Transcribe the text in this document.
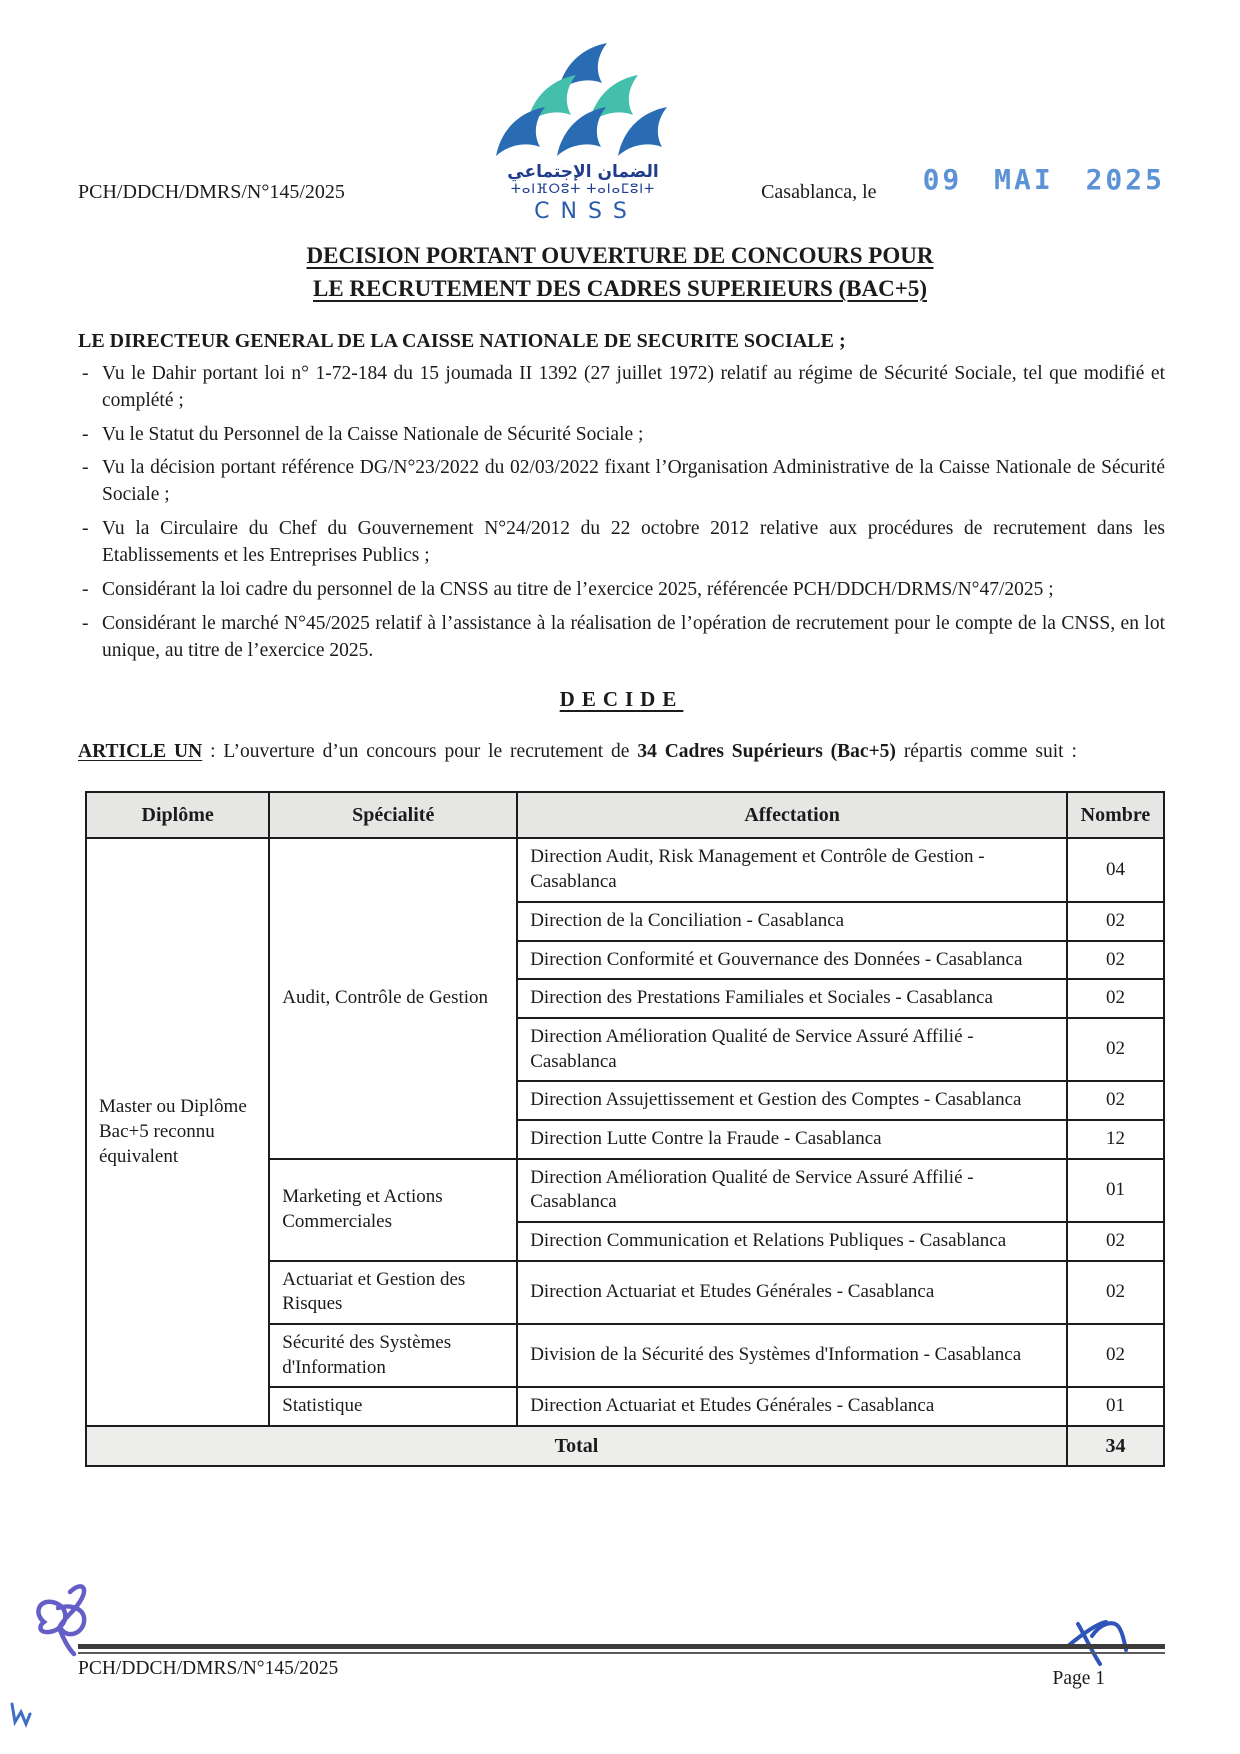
الضمان الإجتماعي
ⵜⴰⵏⴼⵔⵓⵜ ⵜⴰⵏⴰⵎⵓⵏⵜ
CNSS
PCH/DDCH/DMRS/N°145/2025	Casablanca, le 09 MAI 2025
DECISION PORTANT OUVERTURE DE CONCOURS POUR
LE RECRUTEMENT DES CADRES SUPERIEURS (BAC+5)

LE DIRECTEUR GENERAL DE LA CAISSE NATIONALE DE SECURITE SOCIALE ;

- Vu le Dahir portant loi n° 1-72-184 du 15 joumada II 1392 (27 juillet 1972) relatif au régime de Sécurité Sociale, tel que modifié et complété ;

- Vu le Statut du Personnel de la Caisse Nationale de Sécurité Sociale ;

- Vu la décision portant référence DG/N°23/2022 du 02/03/2022 fixant l’Organisation Administrative de la Caisse Nationale de Sécurité Sociale ;

- Vu la Circulaire du Chef du Gouvernement N°24/2012 du 22 octobre 2012 relative aux procédures de recrutement dans les Etablissements et les Entreprises Publics ;

- Considérant la loi cadre du personnel de la CNSS au titre de l’exercice 2025, référencée PCH/DDCH/DRMS/N°47/2025 ;

- Considérant le marché N°45/2025 relatif à l’assistance à la réalisation de l’opération de recrutement pour le compte de la CNSS, en lot unique, au titre de l’exercice 2025.

DECIDE

ARTICLE UN : L’ouverture d’un concours pour le recrutement de 34 Cadres Supérieurs (Bac+5) répartis comme suit :

Diplôme	Spécialité	Affectation	Nombre
Master ou Diplôme Bac+5 reconnu équivalent	Audit, Contrôle de Gestion	Direction Audit, Risk Management et Contrôle de Gestion - Casablanca	04
		Direction de la Conciliation - Casablanca	02
		Direction Conformité et Gouvernance des Données - Casablanca	02
		Direction des Prestations Familiales et Sociales - Casablanca	02
		Direction Amélioration Qualité de Service Assuré Affilié - Casablanca	02
		Direction Assujettissement et Gestion des Comptes - Casablanca	02
		Direction Lutte Contre la Fraude - Casablanca	12
	Marketing et Actions Commerciales	Direction Amélioration Qualité de Service Assuré Affilié - Casablanca	01
		Direction Communication et Relations Publiques - Casablanca	02
	Actuariat et Gestion des Risques	Direction Actuariat et Etudes Générales - Casablanca	02
	Sécurité des Systèmes d'Information	Division de la Sécurité des Systèmes d'Information - Casablanca	02
	Statistique	Direction Actuariat et Etudes Générales - Casablanca	01
Total			34
PCH/DDCH/DMRS/N°145/2025	Page 1
